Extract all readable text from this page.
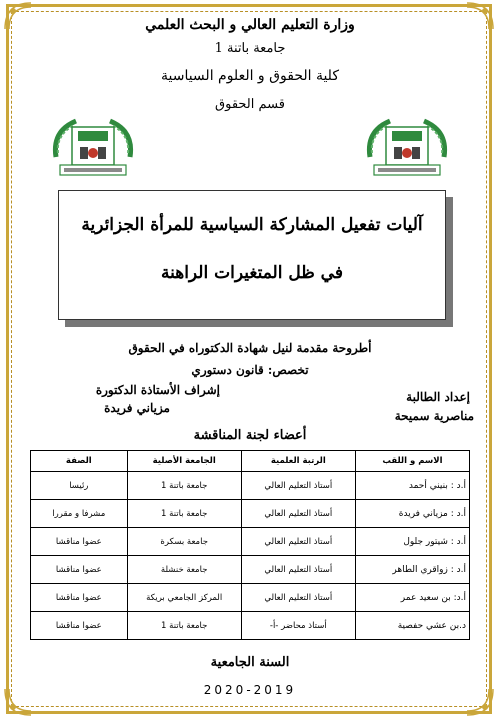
وزارة التعليم العالي و البحث العلمي
جامعة باتنة 1
كلية الحقوق و العلوم السياسية
قسم الحقوق
آليات تفعيل المشاركة السياسية للمرأة الجزائرية
في ظل المتغيرات الراهنة
أطروحة مقدمة لنيل شهادة الدكتوراه في الحقوق
تخصص: قانون دستوري
إشراف الأستاذة الدكتورة
مزياني فريدة
إعداد الطالبة
مناصرية سميحة
أعضاء لجنة المناقشة
الاسم و اللقب	الرتبة العلمية	الجامعة الأصلية	الصفة
أ.د : بنيني أحمد	أستاذ التعليم العالي	جامعة باتنة 1	رئيسا
أ.د : مزياني فريدة	أستاذ التعليم العالي	جامعة باتنة 1	مشرفا و مقررا
أ.د : شيتور جلول	أستاذ التعليم العالي	جامعة بسكرة	عضوا مناقشا
أ.د : زواقري الطاهر	أستاذ التعليم العالي	جامعة خنشلة	عضوا مناقشا
أ.د: بن سعيد عمر	أستاذ التعليم العالي	المركز الجامعي بريكة	عضوا مناقشا
د.بن عشي حفصية	أستاذ محاضر -أ-	جامعة باتنة 1	عضوا مناقشا
السنة الجامعية
2020-2019
